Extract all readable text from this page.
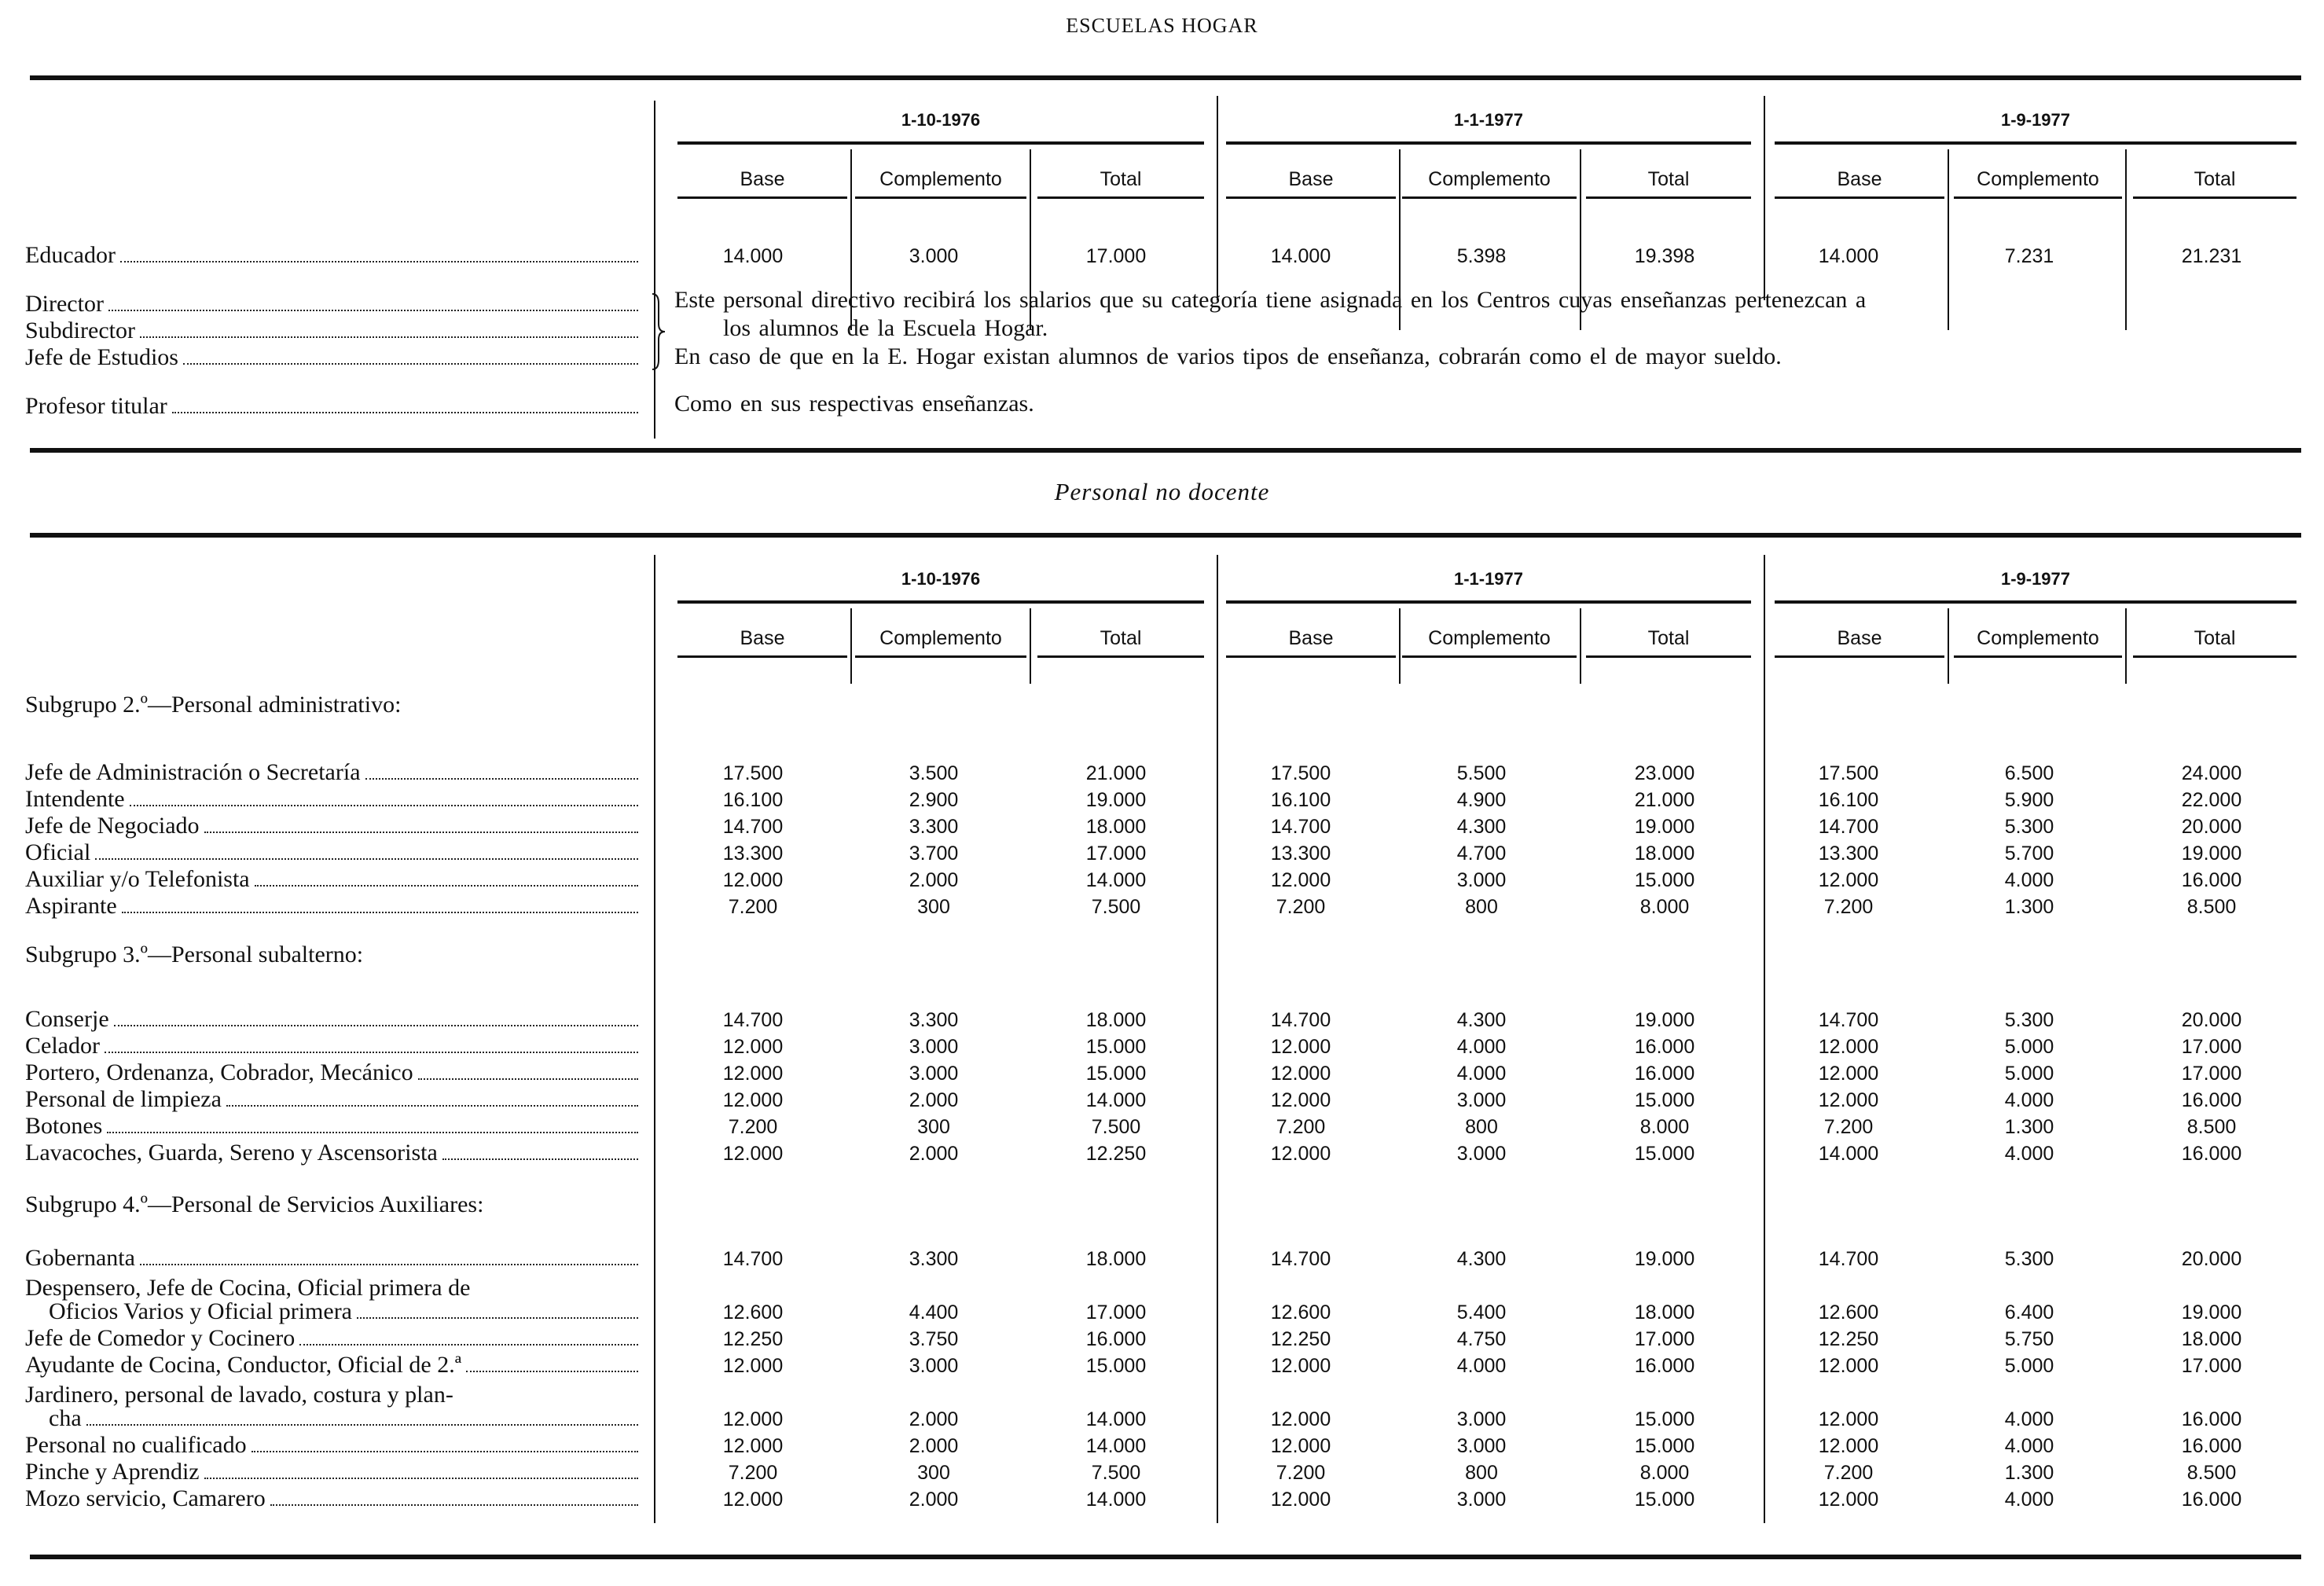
ESCUELAS HOGAR
1-10-1976	1-1-1977	1-9-1977
Base	Complemento	Total	Base	Complemento	Total	Base	Complemento	Total
Educador	14.000	3.000	17.000	14.000	5.398	19.398	14.000	7.231	21.231
Director
Subdirector
Jefe de Estudios
Este personal directivo recibirá los salarios que su categoría tiene asignada en los Centros cuyas enseñanzas pertenezcan a
los alumnos de la Escuela Hogar.
En caso de que en la E. Hogar existan alumnos de varios tipos de enseñanza, cobrarán como el de mayor sueldo.
Profesor titular	Como en sus respectivas enseñanzas.
Personal no docente
1-10-1976	1-1-1977	1-9-1977
Base	Complemento	Total	Base	Complemento	Total	Base	Complemento	Total
Subgrupo 2.º—Personal administrativo:
Subgrupo 3.º—Personal subalterno:
Subgrupo 4.º—Personal de Servicios Auxiliares:
Jefe de Administración o Secretaría	17.500	3.500	21.000	17.500	5.500	23.000	17.500	6.500	24.000
Intendente	16.100	2.900	19.000	16.100	4.900	21.000	16.100	5.900	22.000
Jefe de Negociado	14.700	3.300	18.000	14.700	4.300	19.000	14.700	5.300	20.000
Oficial	13.300	3.700	17.000	13.300	4.700	18.000	13.300	5.700	19.000
Auxiliar y/o Telefonista	12.000	2.000	14.000	12.000	3.000	15.000	12.000	4.000	16.000
Aspirante	7.200	300	7.500	7.200	800	8.000	7.200	1.300	8.500
Conserje	14.700	3.300	18.000	14.700	4.300	19.000	14.700	5.300	20.000
Celador	12.000	3.000	15.000	12.000	4.000	16.000	12.000	5.000	17.000
Portero, Ordenanza, Cobrador, Mecánico	12.000	3.000	15.000	12.000	4.000	16.000	12.000	5.000	17.000
Personal de limpieza	12.000	2.000	14.000	12.000	3.000	15.000	12.000	4.000	16.000
Botones	7.200	300	7.500	7.200	800	8.000	7.200	1.300	8.500
Lavacoches, Guarda, Sereno y Ascensorista	12.000	2.000	12.250	12.000	3.000	15.000	14.000	4.000	16.000
Gobernanta	14.700	3.300	18.000	14.700	4.300	19.000	14.700	5.300	20.000
Despensero, Jefe de Cocina, Oficial primera de
Oficios Varios y Oficial primera	12.600	4.400	17.000	12.600	5.400	18.000	12.600	6.400	19.000
Jefe de Comedor y Cocinero	12.250	3.750	16.000	12.250	4.750	17.000	12.250	5.750	18.000
Ayudante de Cocina, Conductor, Oficial de 2.ª	12.000	3.000	15.000	12.000	4.000	16.000	12.000	5.000	17.000
Jardinero, personal de lavado, costura y plan-
cha	12.000	2.000	14.000	12.000	3.000	15.000	12.000	4.000	16.000
Personal no cualificado	12.000	2.000	14.000	12.000	3.000	15.000	12.000	4.000	16.000
Pinche y Aprendiz	7.200	300	7.500	7.200	800	8.000	7.200	1.300	8.500
Mozo servicio, Camarero	12.000	2.000	14.000	12.000	3.000	15.000	12.000	4.000	16.000
